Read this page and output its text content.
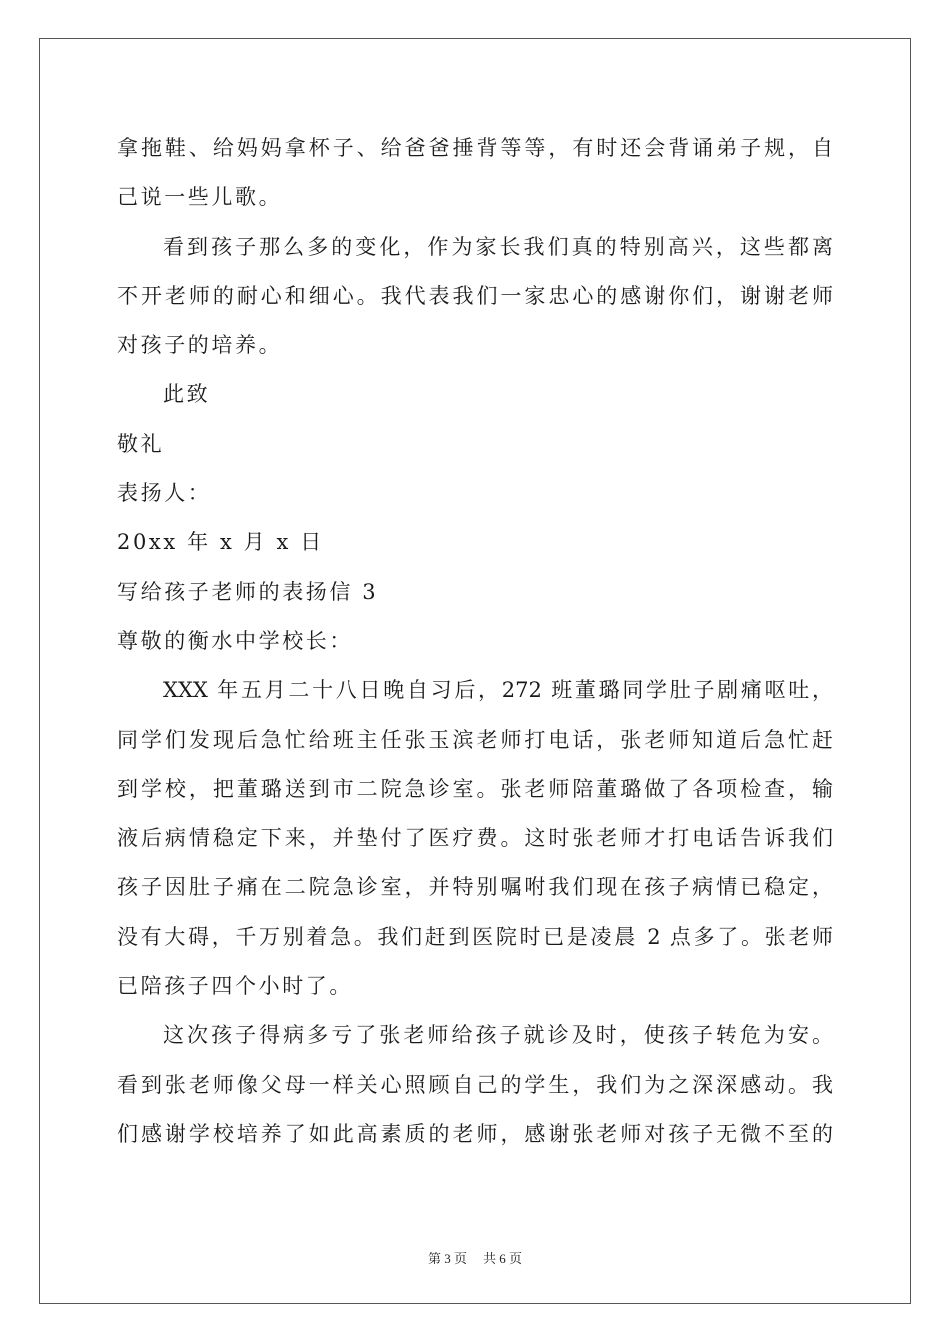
拿拖鞋、给妈妈拿杯子、给爸爸捶背等等，有时还会背诵弟子规，自
己说一些儿歌。
看到孩子那么多的变化，作为家长我们真的特别高兴，这些都离
不开老师的耐心和细心。我代表我们一家忠心的感谢你们，谢谢老师
对孩子的培养。
此致
敬礼
表扬人：
20xx 年 x 月 x 日
写给孩子老师的表扬信 3
尊敬的衡水中学校长：
XXX 年五月二十八日晚自习后，272 班董璐同学肚子剧痛呕吐，
同学们发现后急忙给班主任张玉滨老师打电话，张老师知道后急忙赶
到学校，把董璐送到市二院急诊室。张老师陪董璐做了各项检查，输
液后病情稳定下来，并垫付了医疗费。这时张老师才打电话告诉我们
孩子因肚子痛在二院急诊室，并特别嘱咐我们现在孩子病情已稳定，
没有大碍，千万别着急。我们赶到医院时已是凌晨 2 点多了。张老师
已陪孩子四个小时了。
这次孩子得病多亏了张老师给孩子就诊及时，使孩子转危为安。
看到张老师像父母一样关心照顾自己的学生，我们为之深深感动。我
们感谢学校培养了如此高素质的老师，感谢张老师对孩子无微不至的
第 3 页 共 6 页
